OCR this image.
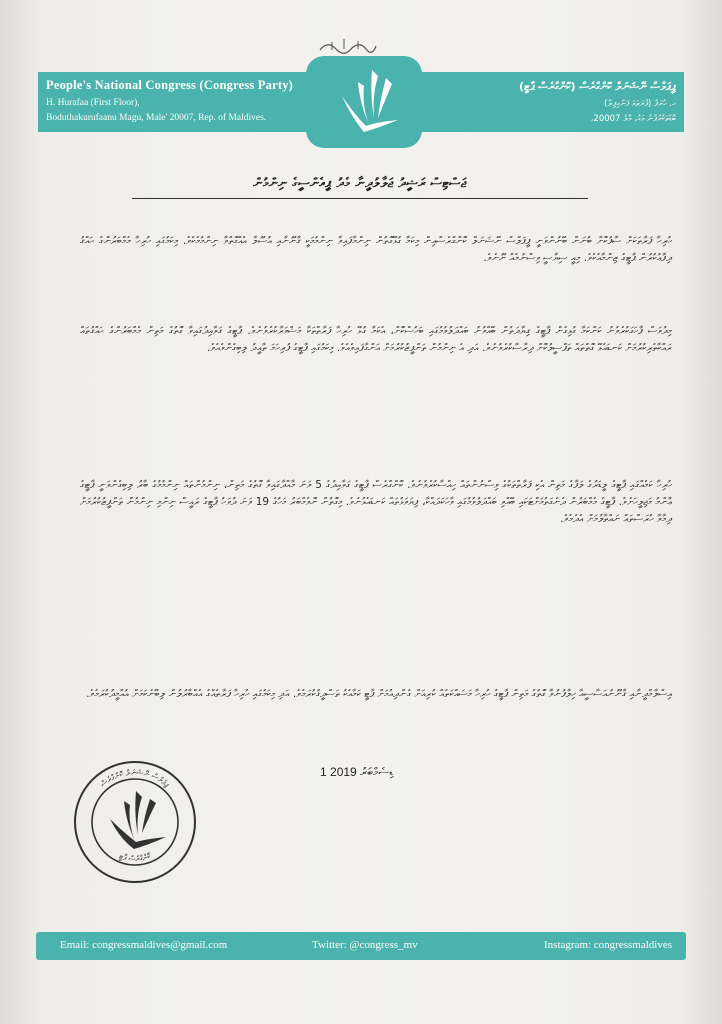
People's National Congress (Congress Party)
H. Hurafaa (First Floor),
Boduthakurufaanu Magu, Male' 20007, Rep. of Maldives.
ޕީޕަލްސް ނޭޝަނަލް ކޮންގްރެސް (ކޮންގްރެސް ޕާޓީ)
ހ. ހުރަފާ (ފުރަތަމަ ފަންގިފިލާ)
ބޮޑުތަކުރުފާނު މަގު، މާލެ 20007،
ޖަސްޓިސް ރަޝީދު ޖަލާލުދީނާ މެދު ޕީއެންސީގެ ނިންމުން

ހުރިހާ ފަރާތަކަށް ސާފުކޮށް ބުނަން ބޭނުންވަނީ ޕީޕަލްސް ނޭޝަނަލް ކޮންގްރެސްއިން މިކަމާ ގުޅޭގޮތުން ނިންމާފައިވާ ނިންމުމަކީ ޤާނޫނާއި އުސޫލާ އެއްގޮތްވާ ނިންމުމެކެވެ. މިކަމުގައި ހުރިހާ މެމްބަރުންގެ ޙައްޤު ދިފާޢުކުރުން ޕާޓީގެ ޒިންމާއެކެވެ. މިއީ ސިޔާސީ ވިސްނުމެއް ނޫނެވެ.

މިދުވަސް ފާހަގަކުރެވުނު ކަންކަމާ ގުޅިގެން ޕާޓީގެ ޤިޔާދަތުން ބޭއްވުނު ބައްދަލުވުމުގައި ބަހުސްކޮށް، އެކަމާ ގުޅޭ ހުރިހާ ފަރާތްތަކާ މަޝްވަރާކުރެވުނެވެ. ޕާޓީގެ ޤަވާއިދުގައިވާ ގޮތުގެ މަތިން މެމްބަރުންގެ ޙައްޤުތައް ރައްކާތެރިކުރުމަށް ކަނޑައެޅޭ ގޮތްތައް ތަފްސީލުކޮށް ދިރާސާކުރެވުނެވެ. އަދި އެ ނިންމުން ތަންފީޒުކުރުމަށް އަންގާފައިވެއެވެ. މިކަމުގައި ޕާޓީގެ ފުރިހަމަ ތާއީދު ލިބިގެންވެއެވެ.

ހުރިހާ ކަމެއްގައި ޕާޓީގެ ލީޑަރުގެ ލަފާގެ މަތިން އެކި ފަރާތްތަކުގެ ވިސްނުންތައް ހިއްސާކުރެވުނެވެ. ކޮންގްރެސް ޕާޓީގެ ގަވާއިދުގެ 5 ވަނަ މާއްދާގައިވާ ގޮތުގެ މަތިން، ނިންމުންތައް ނިންމުމުގެ ބާރު ލިބިގެންވަނީ ޕާޓީގެ ޢާންމު މަޖިލީހަށެވެ. ޕާޓީގެ މެމްބަރުން ދެނެގަތުމަށްޓަކައި ބޭއްވި ބައްދަލުވުމުގައި ވާހަކަދައްކާ، ފިޔަވަޅުތައް ކަނޑައެޅުނެވެ. މިގޮތުން ނޮވެމްބަރު މަހުގެ 19 ވަނަ ދުވަހު ޕާޓީގެ ރައީސް ނިންމި ނިންމުން ތަންފީޒުކުރުމަށް ދިމާވާ ހުރަސްތައް ނައްތާލުމަށް އެދެމެވެ.

އިސްލާމްދީނާއި ޤާނޫނުއަސާސީއާ ޚިލާފުނުވާ ގޮތުގެ މަތިން ޕާޓީގެ ހުރިހާ މަސައްކަތެއް ކުރިއަށް ގެންދިއުމަށް ޕާޓީ ކަމާއެކު ތަސްދީޤުކުރަމެވެ. އަދި މިކަމުގައި ހުރިހާ ފަރާތެއްގެ އެއްބާރުލުން ލިބޭނެކަމަށް އުއްމީދުކުރަމެވެ.

1 ޑިސެމްބަރު 2019
ޕީޕަލްސް ނޭޝަނަލް ކޮންގްރެސް
ކޮންގްރެސް ޕާޓީ
Email: congressmaldives@gmail.com	Twitter: @congress_mv	Instagram: congressmaldives
